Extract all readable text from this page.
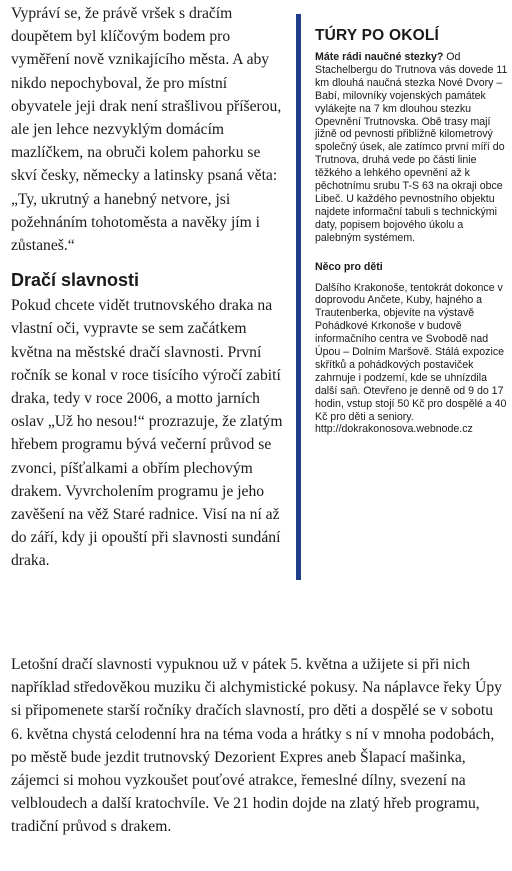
Vypráví se, že právě vršek s dračím doupětem byl klíčovým bodem pro vyměření nově vznikajícího města. A aby nikdo nepochyboval, že pro místní obyvatele jeji drak není strašlivou příšerou, ale jen lehce nezvyklým domácím mazlíčkem, na obruči kolem pahorku se skví česky, německy a latinsky psaná věta: „Ty, ukrutný a hanebný netvore, jsi požehnáním tohotoměsta a navěky jím i zůstaneš.“

Dračí slavnosti

Pokud chcete vidět trutnovského draka na vlastní oči, vypravte se sem začátkem května na městské dračí slavnosti. První ročník se konal v roce tisícího výročí zabití draka, tedy v roce 2006, a motto jarních oslav „Už ho nesou!“ prozrazuje, že zlatým hřebem programu bývá večerní průvod se zvonci, píšťalkami a obřím plechovým drakem. Vyvrcholením programu je jeho zavěšení na věž Staré radnice. Visí na ní až do září, kdy ji opouští při slavnosti sundání draka.

TÚRY PO OKOLÍ

Máte rádi naučné stezky? Od Stachelbergu do Trutnova vás dovede 11 km dlouhá naučná stezka Nové Dvory – Babí, milovníky vojenských památek vylákejte na 7 km dlouhou stezku Opevnění Trutnovska. Obě trasy mají jižně od pevnosti přibližně kilometrový společný úsek, ale zatímco první míří do Trutnova, druhá vede po části linie těžkého a lehkého opevnění až k pěchotnímu srubu T-S 63 na okraji obce Libeč. U každého pevnostního objektu najdete informační tabuli s technickými daty, popisem bojového úkolu a palebným systémem.

Něco pro děti

Dalšího Krakonoše, tentokrát dokonce v doprovodu Ančete, Kuby, hajného a Trautenberka, objevíte na výstavě Pohádkové Krkonoše v budově informačního centra ve Svobodě nad Úpou – Dolním Maršově. Stálá expozice skřítků a pohádkových postaviček zahrnuje i podzemí, kde se uhnízdila další saň. Otevřeno je denně od 9 do 17 hodin, vstup stojí 50 Kč pro dospělé a 40 Kč pro děti a seniory.

http://dokrakonosova.webnode.cz

Letošní dračí slavnosti vypuknou už v pátek 5. května a užijete si při nich například středověkou muziku či alchymistické pokusy. Na náplavce řeky Úpy si připomenete starší ročníky dračích slavností, pro děti a dospělé se v sobotu 6. května chystá celodenní hra na téma voda a hrátky s ní v mnoha podobách, po městě bude jezdit trutnovský Dezorient Expres aneb Šlapací mašinka, zájemci si mohou vyzkoušet pouťové atrakce, řemeslné dílny, svezení na velbloudech a další kratochvíle. Ve 21 hodin dojde na zlatý hřeb programu, tradiční průvod s drakem.
